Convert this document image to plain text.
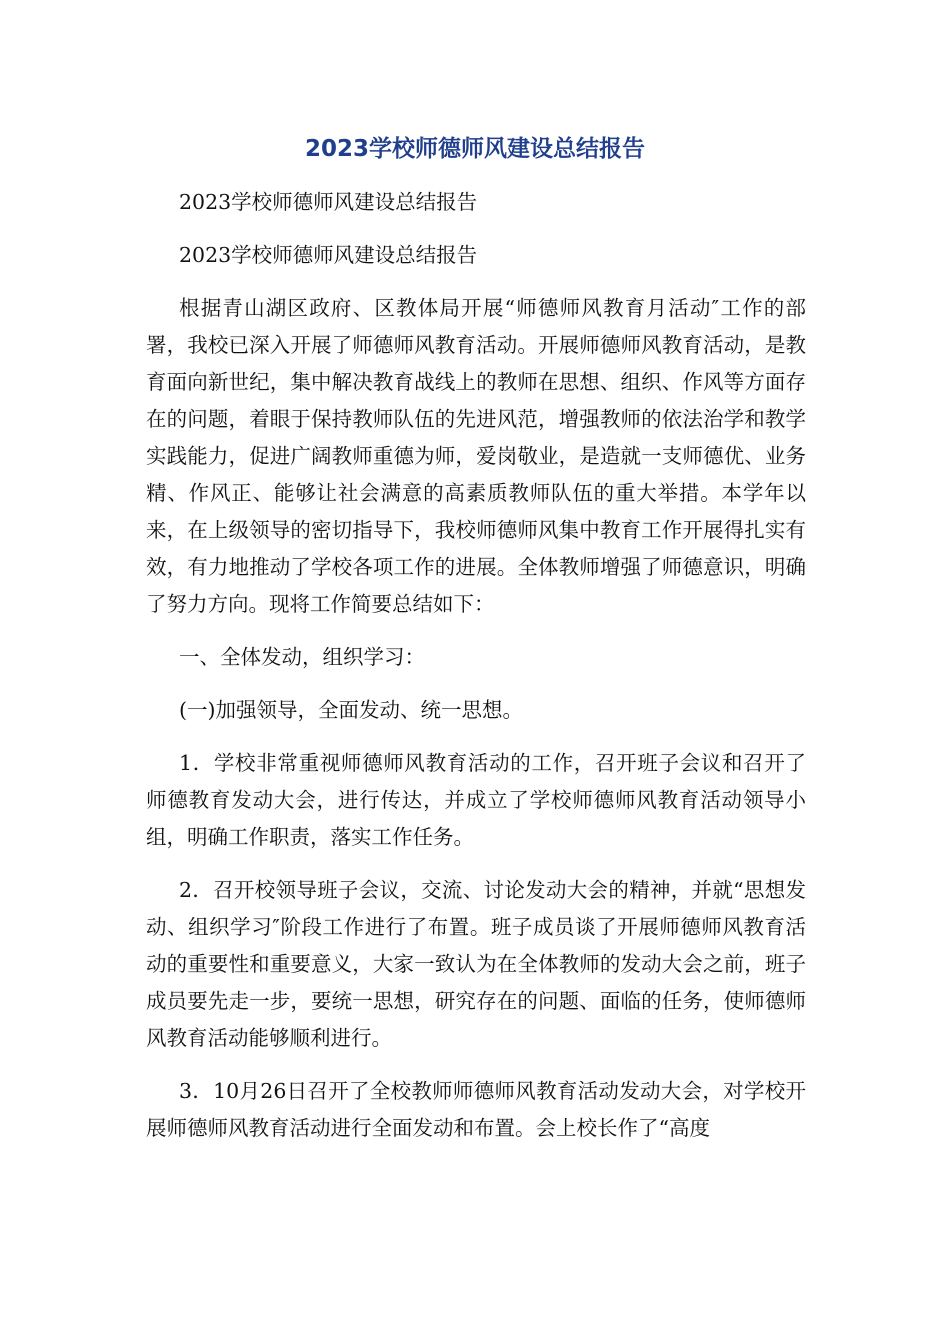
2023学校师德师风建设总结报告

2023学校师德师风建设总结报告

2023学校师德师风建设总结报告

根据青山湖区政府、区教体局开展“师德师风教育月活动″工作的部署，我校已深入开展了师德师风教育活动。开展师德师风教育活动，是教育面向新世纪，集中解决教育战线上的教师在思想、组织、作风等方面存在的问题，着眼于保持教师队伍的先进风范，增强教师的依法治学和教学实践能力，促进广阔教师重德为师，爱岗敬业，是造就一支师德优、业务精、作风正、能够让社会满意的高素质教师队伍的重大举措。本学年以来，在上级领导的密切指导下，我校师德师风集中教育工作开展得扎实有效，有力地推动了学校各项工作的进展。全体教师增强了师德意识，明确了努力方向。现将工作简要总结如下：

一、全体发动，组织学习：

(一)加强领导，全面发动、统一思想。

1．学校非常重视师德师风教育活动的工作，召开班子会议和召开了师德教育发动大会，进行传达，并成立了学校师德师风教育活动领导小组，明确工作职责，落实工作任务。

2．召开校领导班子会议，交流、讨论发动大会的精神，并就“思想发动、组织学习″阶段工作进行了布置。班子成员谈了开展师德师风教育活动的重要性和重要意义，大家一致认为在全体教师的发动大会之前，班子成员要先走一步，要统一思想，研究存在的问题、面临的任务，使师德师风教育活动能够顺利进行。

3．10月26日召开了全校教师师德师风教育活动发动大会，对学校开展师德师风教育活动进行全面发动和布置。会上校长作了“高度
